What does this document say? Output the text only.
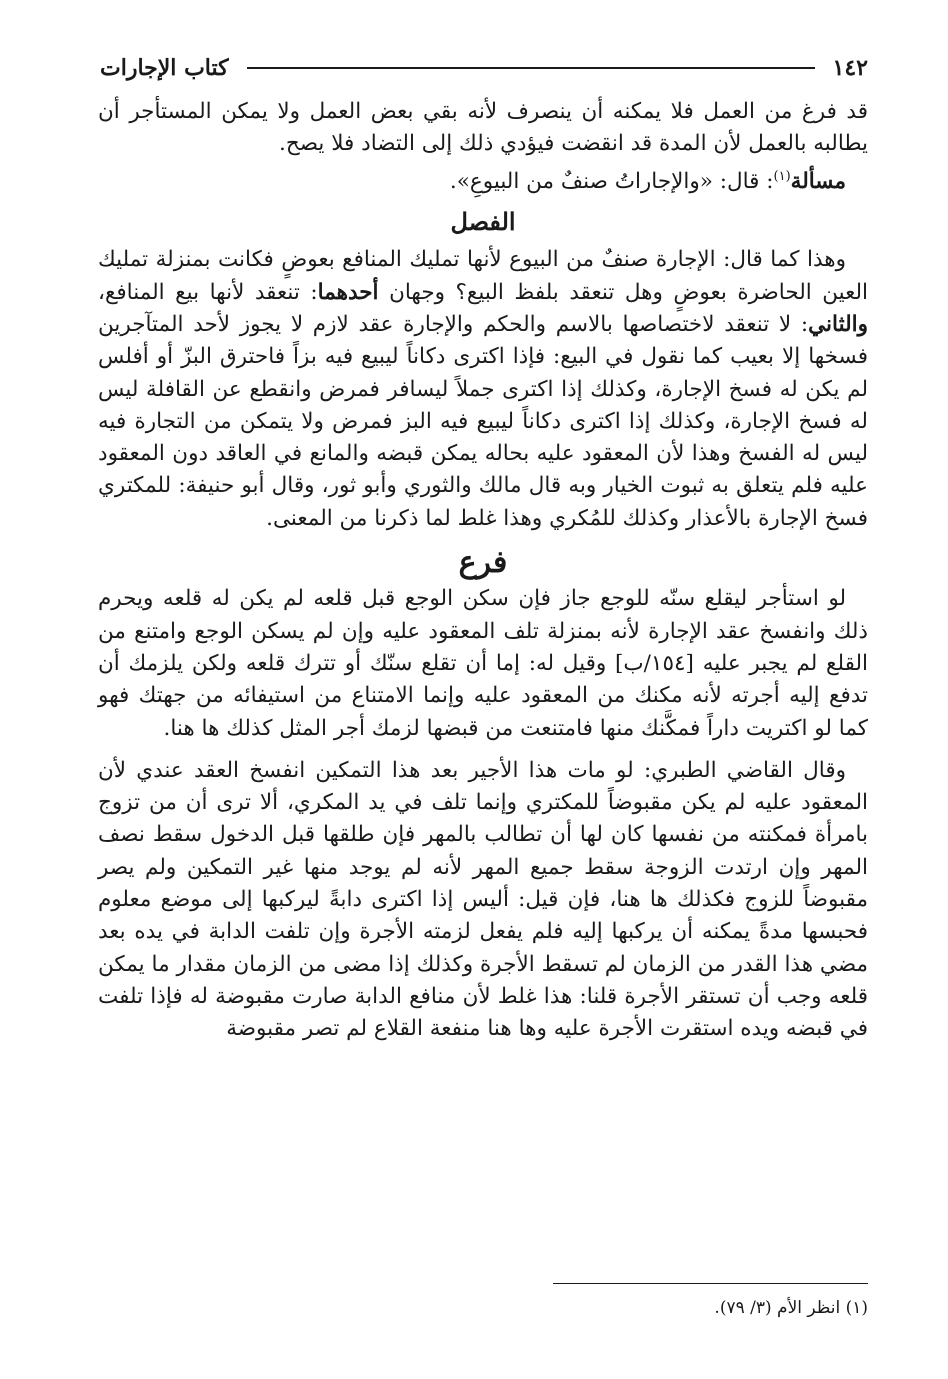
١٤٢
كتاب الإجارات

قد فرغ من العمل فلا يمكنه أن ينصرف لأنه بقي بعض العمل ولا يمكن المستأجر أن يطالبه بالعمل لأن المدة قد انقضت فيؤدي ذلك إلى التضاد فلا يصح.

مسألة$^{(١)}$: قال: «والإجاراتُ صنفٌ من البيوعِ».

الفصل

وهذا كما قال: الإجارة صنفٌ من البيوع لأنها تمليك المنافع بعوضٍ فكانت بمنزلة تمليك العين الحاضرة بعوضٍ وهل تنعقد بلفظ البيع؟ وجهان أحدهما: تنعقد لأنها بيع المنافع، والثاني: لا تنعقد لاختصاصها بالاسم والحكم والإجارة عقد لازم لا يجوز لأحد المتآجرين فسخها إلا بعيب كما نقول في البيع: فإذا اكترى دكاناً ليبيع فيه بزاً فاحترق البزّ أو أفلس لم يكن له فسخ الإجارة، وكذلك إذا اكترى جملاً ليسافر فمرض وانقطع عن القافلة ليس له فسخ الإجارة، وكذلك إذا اكترى دكاناً ليبيع فيه البز فمرض ولا يتمكن من التجارة فيه ليس له الفسخ وهذا لأن المعقود عليه بحاله يمكن قبضه والمانع في العاقد دون المعقود عليه فلم يتعلق به ثبوت الخيار وبه قال مالك والثوري وأبو ثور، وقال أبو حنيفة: للمكتري فسخ الإجارة بالأعذار وكذلك للمُكري وهذا غلط لما ذكرنا من المعنى.

فرع

لو استأجر ليقلع سنّه للوجع جاز فإن سكن الوجع قبل قلعه لم يكن له قلعه ويحرم ذلك وانفسخ عقد الإجارة لأنه بمنزلة تلف المعقود عليه وإن لم يسكن الوجع وامتنع من القلع لم يجبر عليه [١٥٤/ب] وقيل له: إما أن تقلع سنّك أو تترك قلعه ولكن يلزمك أن تدفع إليه أجرته لأنه مكنك من المعقود عليه وإنما الامتناع من استيفائه من جهتك فهو كما لو اكتريت داراً فمكَّنك منها فامتنعت من قبضها لزمك أجر المثل كذلك ها هنا.

وقال القاضي الطبري: لو مات هذا الأجير بعد هذا التمكين انفسخ العقد عندي لأن المعقود عليه لم يكن مقبوضاً للمكتري وإنما تلف في يد المكري، ألا ترى أن من تزوج بامرأة فمكنته من نفسها كان لها أن تطالب بالمهر فإن طلقها قبل الدخول سقط نصف المهر وإن ارتدت الزوجة سقط جميع المهر لأنه لم يوجد منها غير التمكين ولم يصر مقبوضاً للزوج فكذلك ها هنا، فإن قيل: أليس إذا اكترى دابةً ليركبها إلى موضع معلوم فحبسها مدةً يمكنه أن يركبها إليه فلم يفعل لزمته الأجرة وإن تلفت الدابة في يده بعد مضي هذا القدر من الزمان لم تسقط الأجرة وكذلك إذا مضى من الزمان مقدار ما يمكن قلعه وجب أن تستقر الأجرة قلنا: هذا غلط لأن منافع الدابة صارت مقبوضة له فإذا تلفت في قبضه ويده استقرت الأجرة عليه وها هنا منفعة القلاع لم تصر مقبوضة

(١) انظر الأم (٣/ ٧٩).
